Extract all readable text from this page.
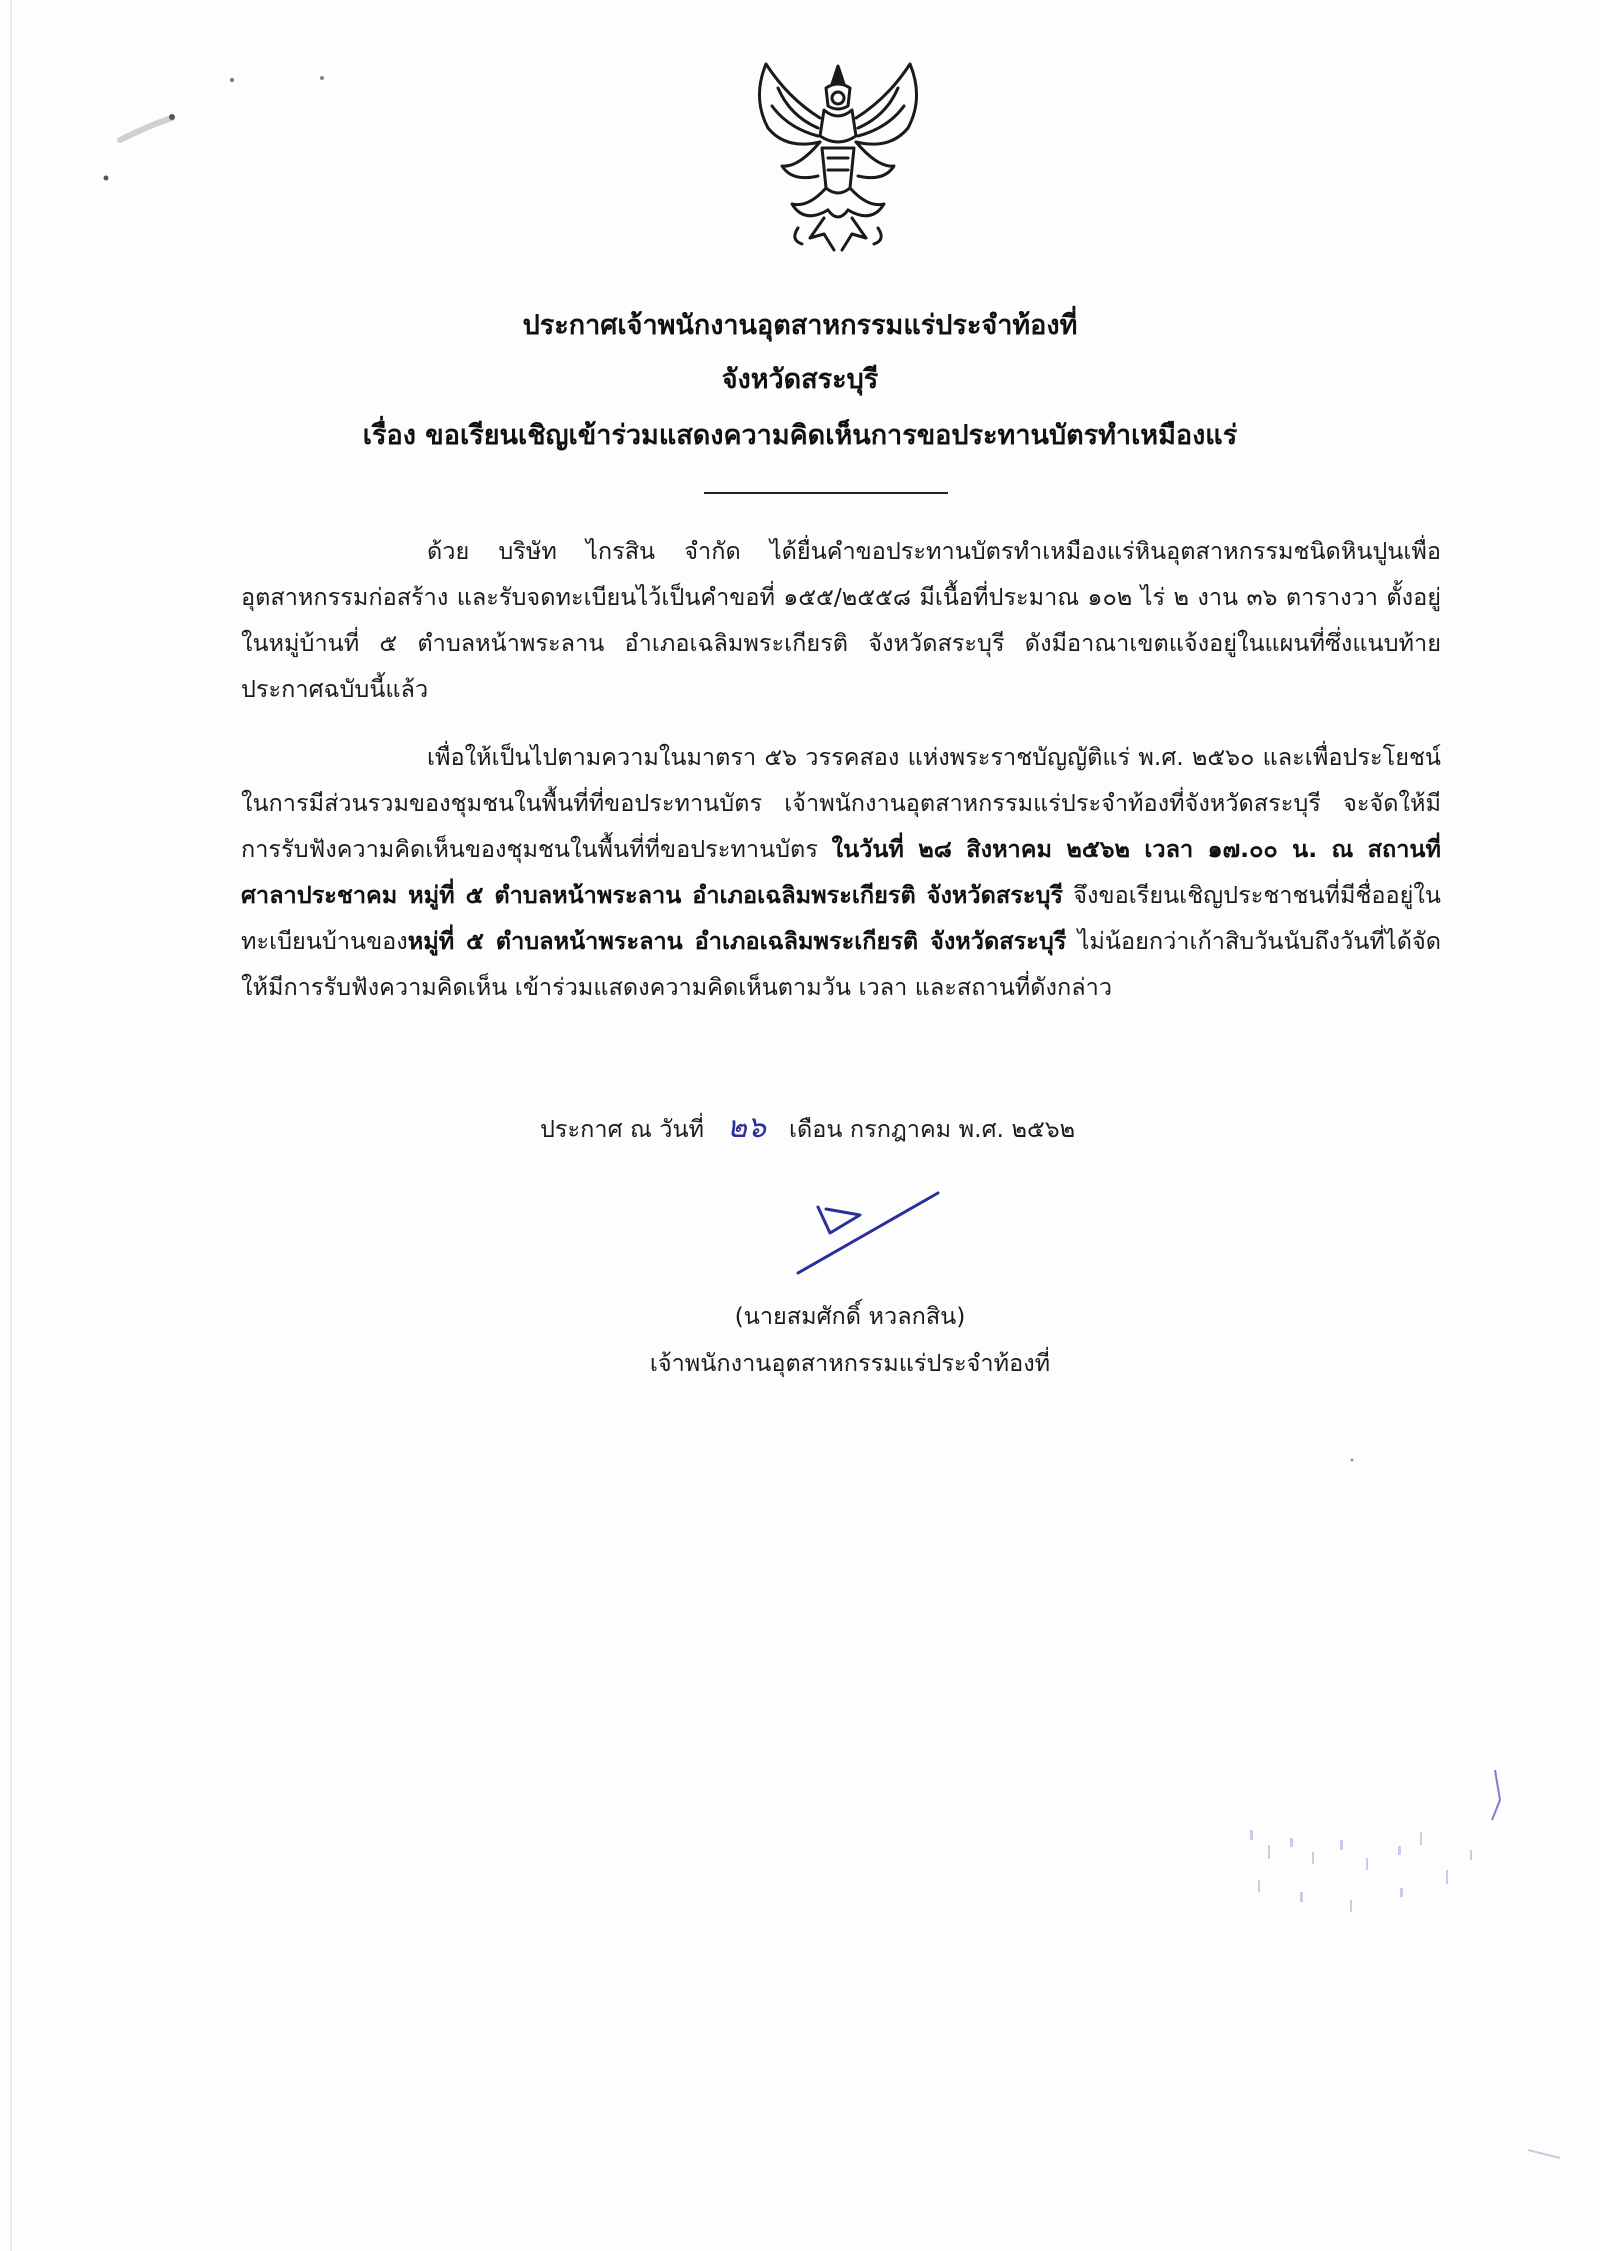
ประกาศเจ้าพนักงานอุตสาหกรรมแร่ประจำท้องที่
จังหวัดสระบุรี
เรื่อง ขอเรียนเชิญเข้าร่วมแสดงความคิดเห็นการขอประทานบัตรทำเหมืองแร่
ด้วย บริษัท ไกรสิน จำกัด ได้ยื่นคำขอประทานบัตรทำเหมืองแร่หินอุตสาหกรรมชนิดหินปูนเพื่ออุตสาหกรรมก่อสร้าง และรับจดทะเบียนไว้เป็นคำขอที่ ๑๕๕/๒๕๕๘ มีเนื้อที่ประมาณ ๑๐๒ ไร่ ๒ งาน ๓๖ ตารางวา ตั้งอยู่ในหมู่บ้านที่ ๕ ตำบลหน้าพระลาน อำเภอเฉลิมพระเกียรติ จังหวัดสระบุรี ดังมีอาณาเขตแจ้งอยู่ในแผนที่ซึ่งแนบท้ายประกาศฉบับนี้แล้ว
เพื่อให้เป็นไปตามความในมาตรา ๕๖ วรรคสอง แห่งพระราชบัญญัติแร่ พ.ศ. ๒๕๖๐ และเพื่อประโยชน์ในการมีส่วนรวมของชุมชนในพื้นที่ที่ขอประทานบัตร เจ้าพนักงานอุตสาหกรรมแร่ประจำท้องที่จังหวัดสระบุรี จะจัดให้มีการรับฟังความคิดเห็นของชุมชนในพื้นที่ที่ขอประทานบัตร ในวันที่ ๒๘ สิงหาคม ๒๕๖๒ เวลา ๑๗.๐๐ น. ณ สถานที่ ศาลาประชาคม หมู่ที่ ๕ ตำบลหน้าพระลาน อำเภอเฉลิมพระเกียรติ จังหวัดสระบุรี จึงขอเรียนเชิญประชาชนที่มีชื่ออยู่ในทะเบียนบ้านของหมู่ที่ ๕ ตำบลหน้าพระลาน อำเภอเฉลิมพระเกียรติ จังหวัดสระบุรี ไม่น้อยกว่าเก้าสิบวันนับถึงวันที่ได้จัดให้มีการรับฟังความคิดเห็น เข้าร่วมแสดงความคิดเห็นตามวัน เวลา และสถานที่ดังกล่าว
ประกาศ ณ วันที่ ๒๖ เดือน กรกฎาคม พ.ศ. ๒๕๖๒
(นายสมศักดิ์ หวลกสิน)
เจ้าพนักงานอุตสาหกรรมแร่ประจำท้องที่
